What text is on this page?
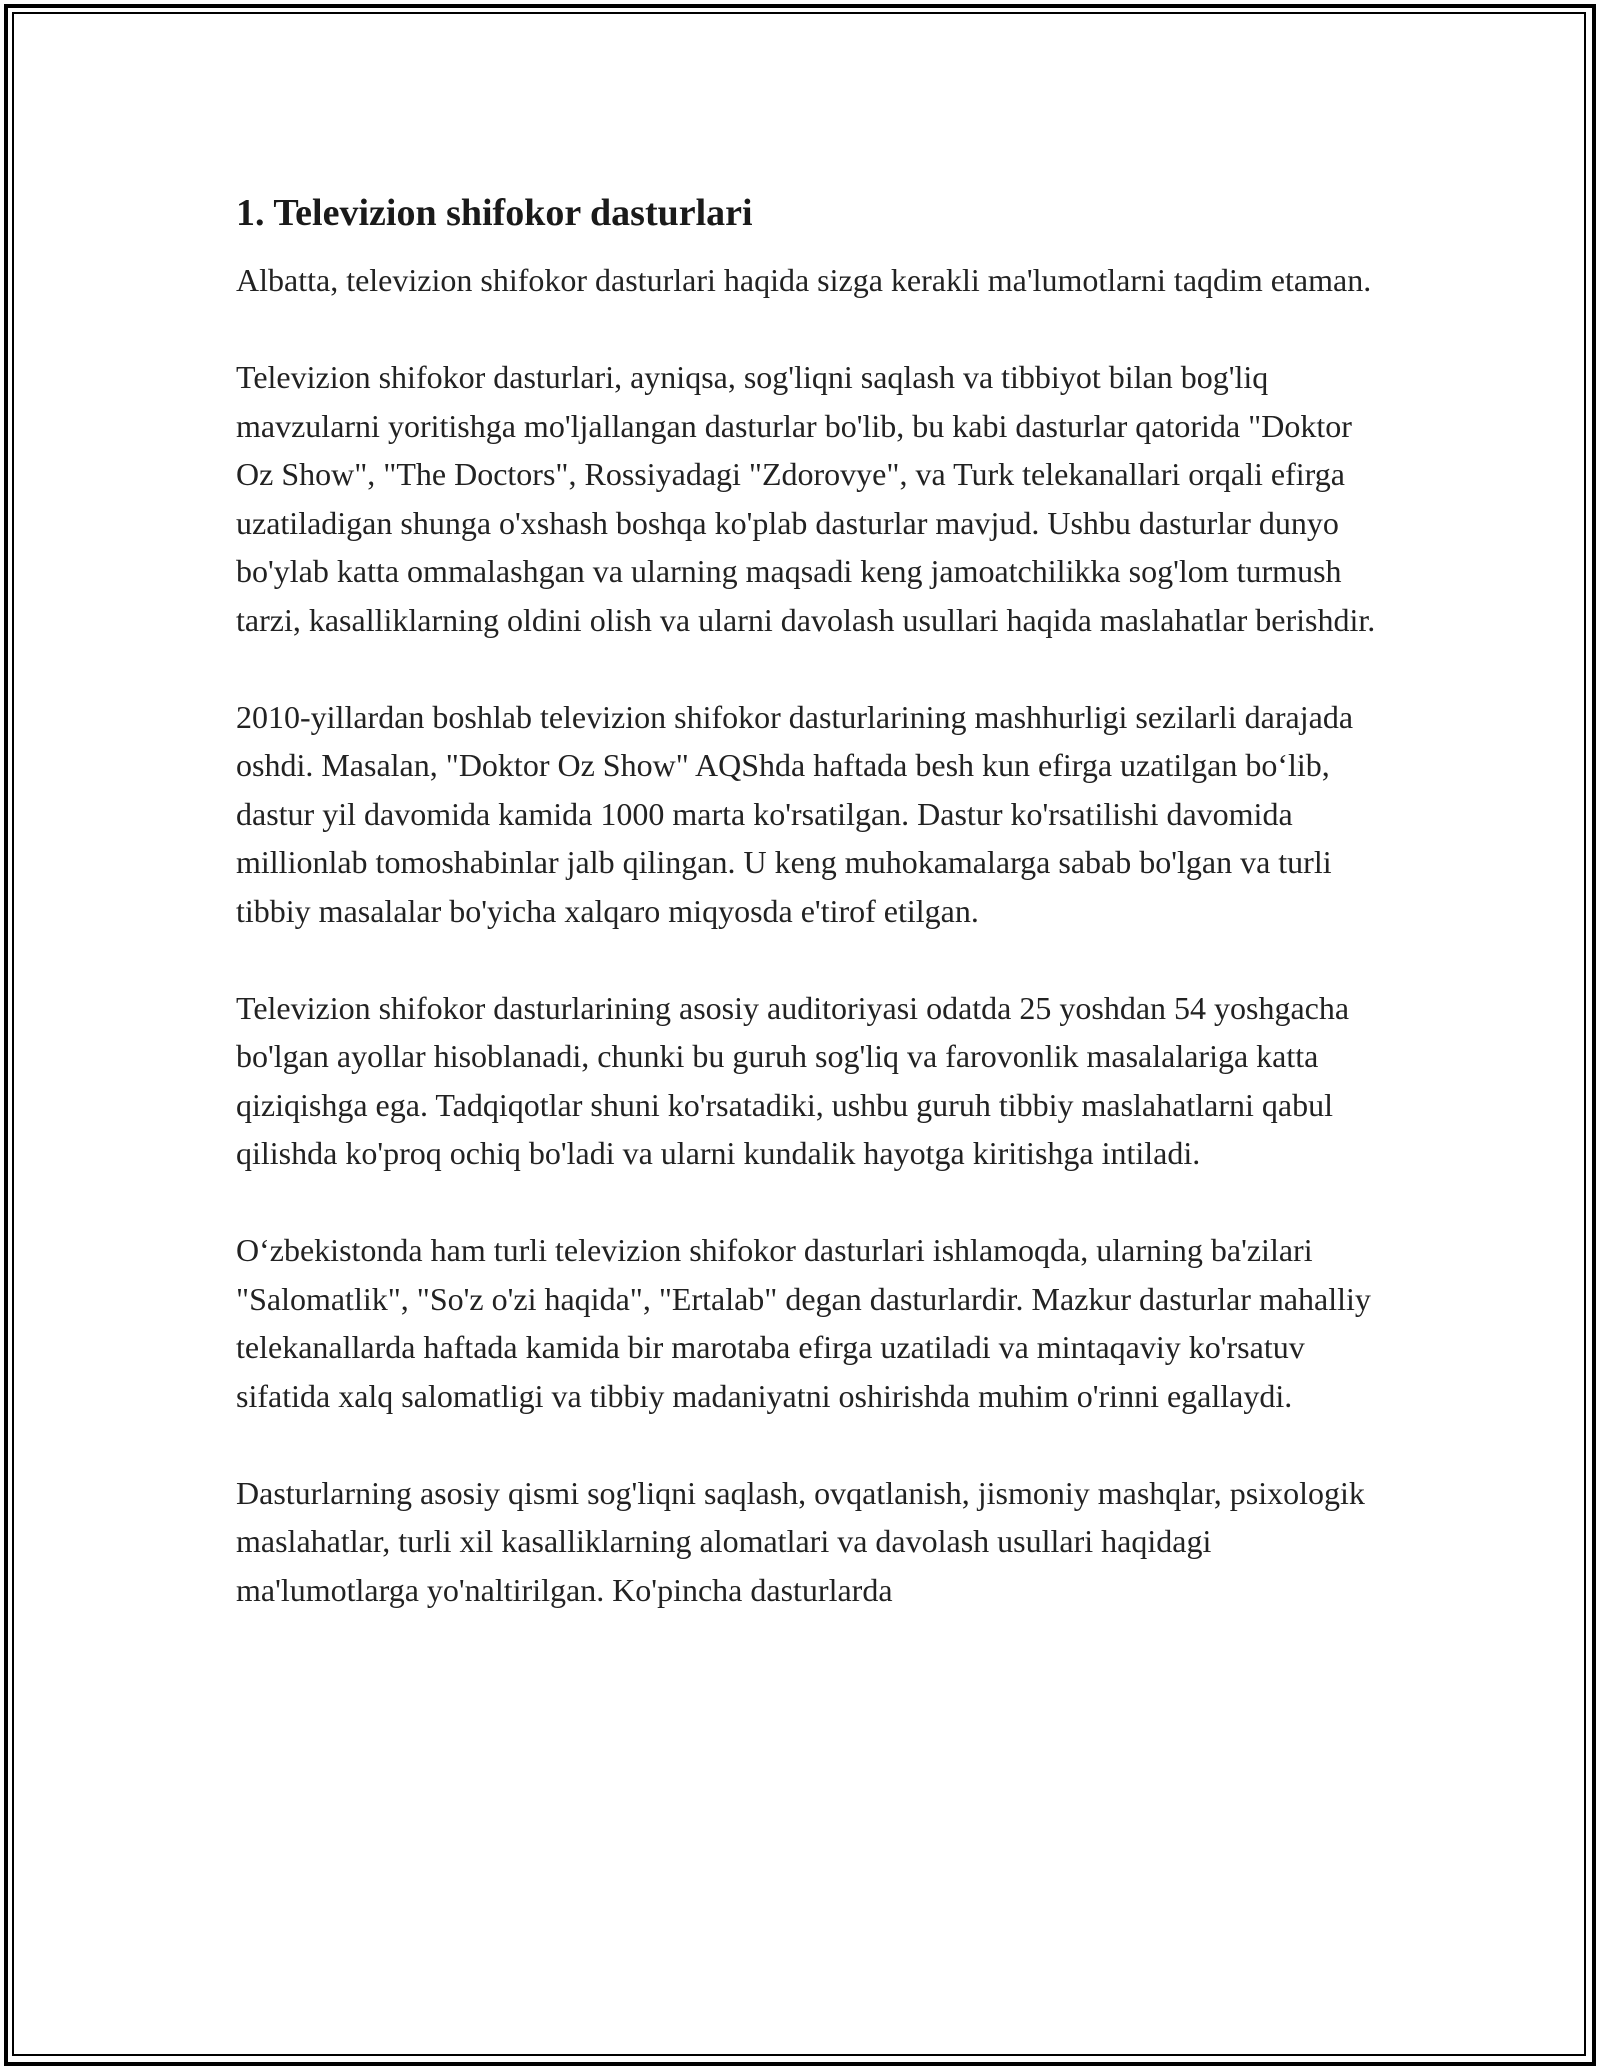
1. Televizion shifokor dasturlari

Albatta, televizion shifokor dasturlari haqida sizga kerakli ma'lumotlarni taqdim etaman.

Televizion shifokor dasturlari, ayniqsa, sog'liqni saqlash va tibbiyot bilan bog'liq mavzularni yoritishga mo'ljallangan dasturlar bo'lib, bu kabi dasturlar qatorida "Doktor Oz Show", "The Doctors", Rossiyadagi "Zdorovye", va Turk telekanallari orqali efirga uzatiladigan shunga o'xshash boshqa ko'plab dasturlar mavjud. Ushbu dasturlar dunyo bo'ylab katta ommalashgan va ularning maqsadi keng jamoatchilikka sog'lom turmush tarzi, kasalliklarning oldini olish va ularni davolash usullari haqida maslahatlar berishdir.

2010-yillardan boshlab televizion shifokor dasturlarining mashhurligi sezilarli darajada oshdi. Masalan, "Doktor Oz Show" AQShda haftada besh kun efirga uzatilgan bo‘lib, dastur yil davomida kamida 1000 marta ko'rsatilgan. Dastur ko'rsatilishi davomida millionlab tomoshabinlar jalb qilingan. U keng muhokamalarga sabab bo'lgan va turli tibbiy masalalar bo'yicha xalqaro miqyosda e'tirof etilgan.

Televizion shifokor dasturlarining asosiy auditoriyasi odatda 25 yoshdan 54 yoshgacha bo'lgan ayollar hisoblanadi, chunki bu guruh sog'liq va farovonlik masalalariga katta qiziqishga ega. Tadqiqotlar shuni ko'rsatadiki, ushbu guruh tibbiy maslahatlarni qabul qilishda ko'proq ochiq bo'ladi va ularni kundalik hayotga kiritishga intiladi.

O‘zbekistonda ham turli televizion shifokor dasturlari ishlamoqda, ularning ba'zilari "Salomatlik", "So'z o'zi haqida", "Ertalab" degan dasturlardir. Mazkur dasturlar mahalliy telekanallarda haftada kamida bir marotaba efirga uzatiladi va mintaqaviy ko'rsatuv sifatida xalq salomatligi va tibbiy madaniyatni oshirishda muhim o'rinni egallaydi.

Dasturlarning asosiy qismi sog'liqni saqlash, ovqatlanish, jismoniy mashqlar, psixologik maslahatlar, turli xil kasalliklarning alomatlari va davolash usullari haqidagi ma'lumotlarga yo'naltirilgan. Ko'pincha dasturlarda
